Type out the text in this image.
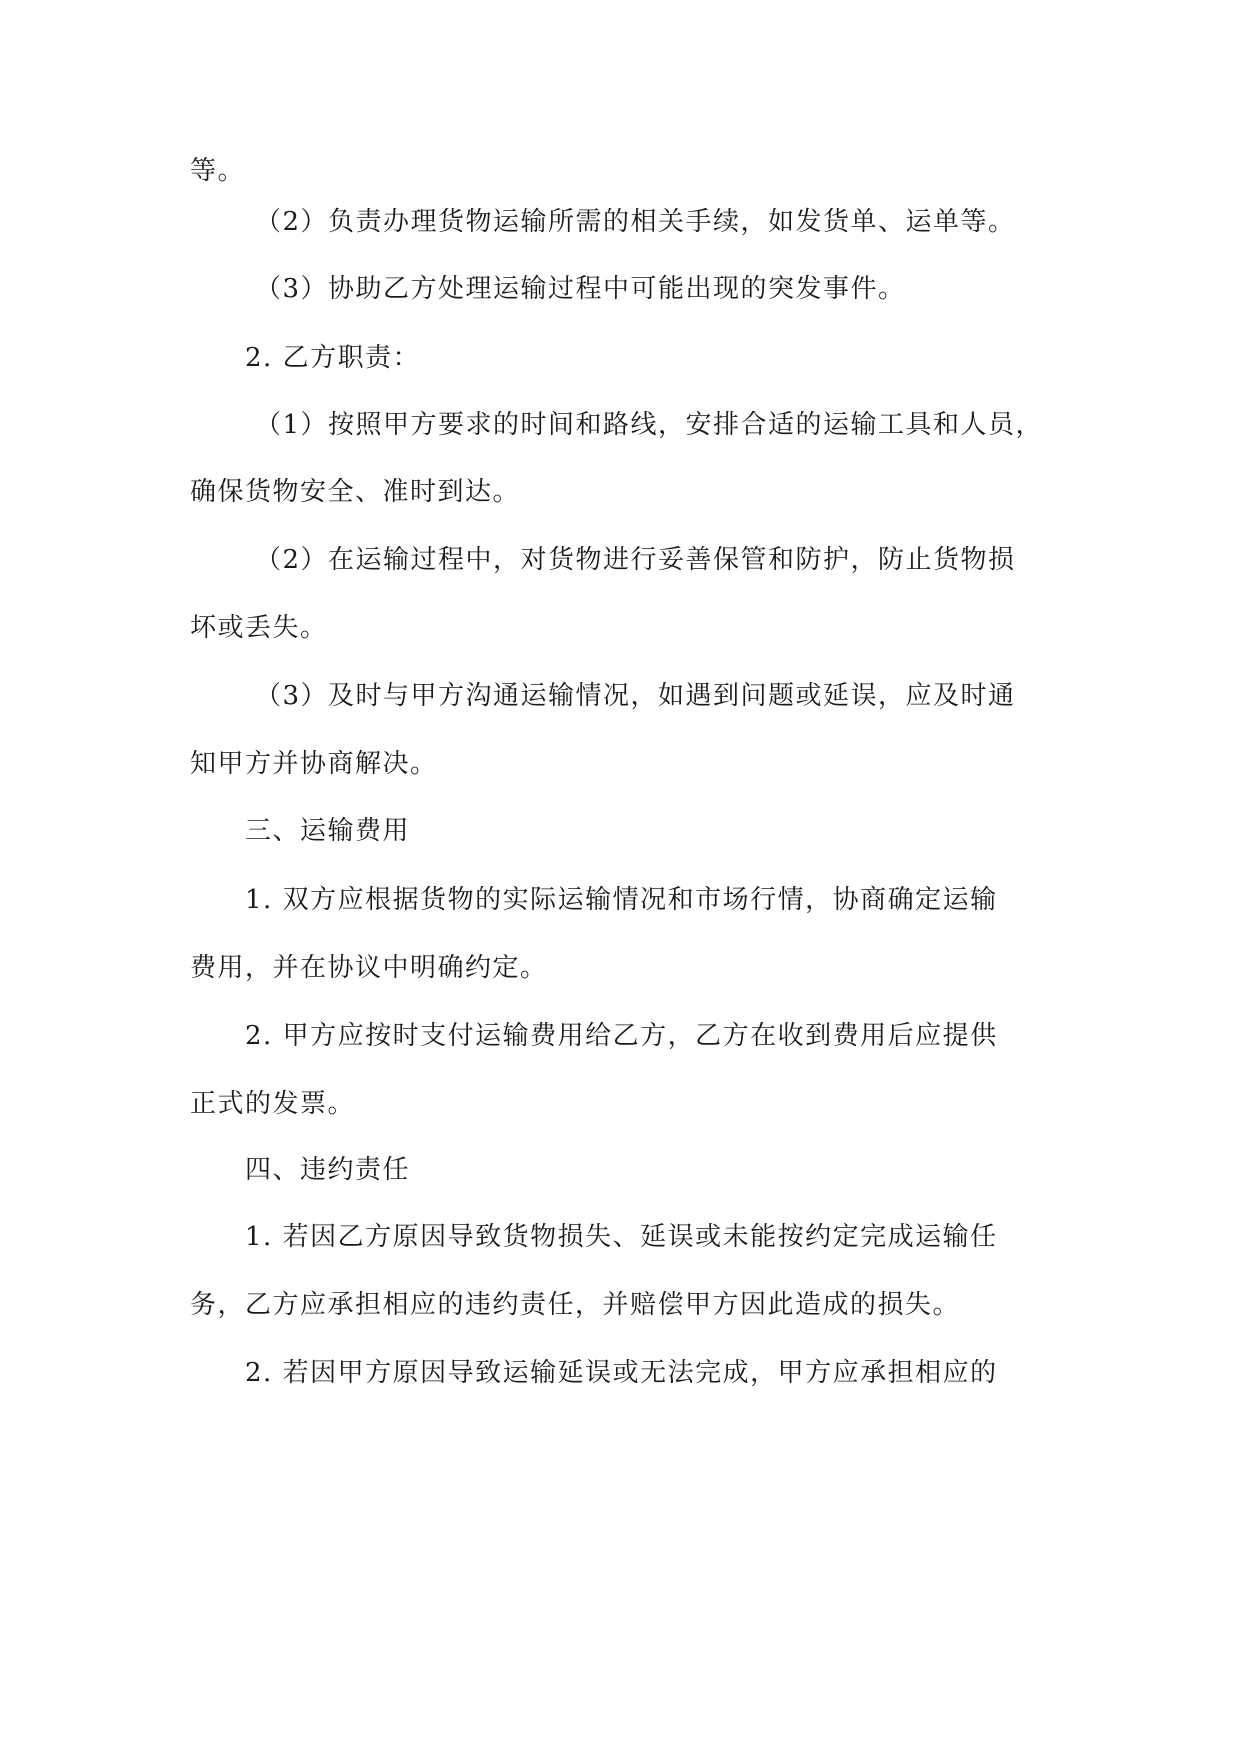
等。
（2）负责办理货物运输所需的相关手续，如发货单、运单等。
（3）协助乙方处理运输过程中可能出现的突发事件。
2. 乙方职责：
（1）按照甲方要求的时间和路线，安排合适的运输工具和人员，
确保货物安全、准时到达。
（2）在运输过程中，对货物进行妥善保管和防护，防止货物损
坏或丢失。
（3）及时与甲方沟通运输情况，如遇到问题或延误，应及时通
知甲方并协商解决。
三、运输费用
1. 双方应根据货物的实际运输情况和市场行情，协商确定运输
费用，并在协议中明确约定。
2. 甲方应按时支付运输费用给乙方，乙方在收到费用后应提供
正式的发票。
四、违约责任
1. 若因乙方原因导致货物损失、延误或未能按约定完成运输任
务，乙方应承担相应的违约责任，并赔偿甲方因此造成的损失。
2. 若因甲方原因导致运输延误或无法完成，甲方应承担相应的
